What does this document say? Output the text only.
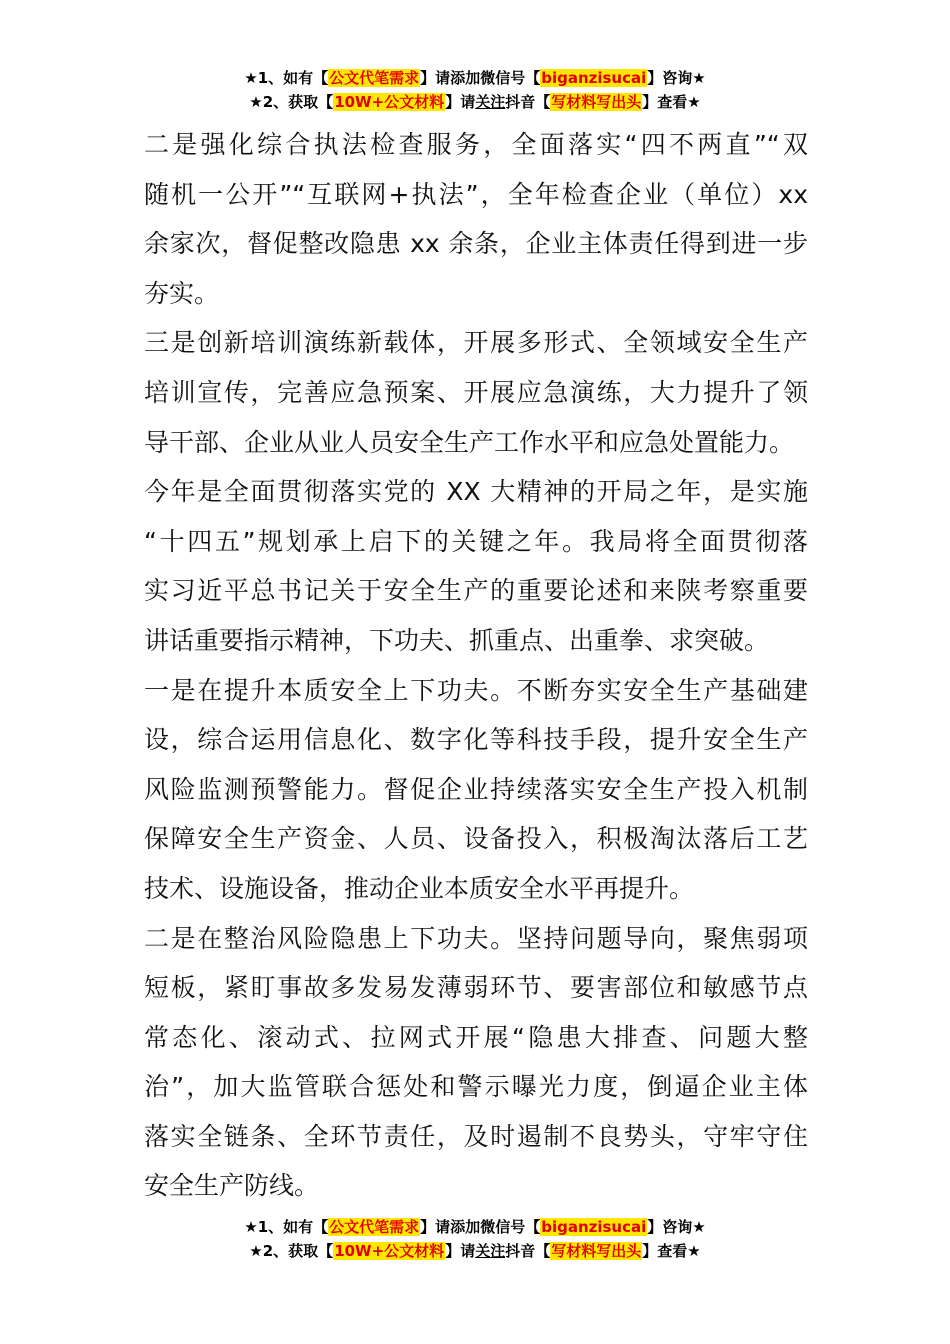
★1、如有【公文代笔需求】请添加微信号【biganzisucai】咨询★
★2、获取【10W+公文材料】请关注抖音【写材料写出头】查看★
二是强化综合执法检查服务，全面落实“四不两直”“双
随机一公开”“互联网+执法”，全年检查企业（单位）xx
余家次，督促整改隐患 xx 余条，企业主体责任得到进一步
夯实。
三是创新培训演练新载体，开展多形式、全领域安全生产
培训宣传，完善应急预案、开展应急演练，大力提升了领
导干部、企业从业人员安全生产工作水平和应急处置能力。
今年是全面贯彻落实党的 XX 大精神的开局之年，是实施
“十四五”规划承上启下的关键之年。我局将全面贯彻落
实习近平总书记关于安全生产的重要论述和来陕考察重要
讲话重要指示精神，下功夫、抓重点、出重拳、求突破。
一是在提升本质安全上下功夫。不断夯实安全生产基础建
设，综合运用信息化、数字化等科技手段，提升安全生产
风险监测预警能力。督促企业持续落实安全生产投入机制
保障安全生产资金、人员、设备投入，积极淘汰落后工艺
技术、设施设备，推动企业本质安全水平再提升。
二是在整治风险隐患上下功夫。坚持问题导向，聚焦弱项
短板，紧盯事故多发易发薄弱环节、要害部位和敏感节点
常态化、滚动式、拉网式开展“隐患大排查、问题大整
治”，加大监管联合惩处和警示曝光力度，倒逼企业主体
落实全链条、全环节责任，及时遏制不良势头，守牢守住
安全生产防线。
★1、如有【公文代笔需求】请添加微信号【biganzisucai】咨询★
★2、获取【10W+公文材料】请关注抖音【写材料写出头】查看★
